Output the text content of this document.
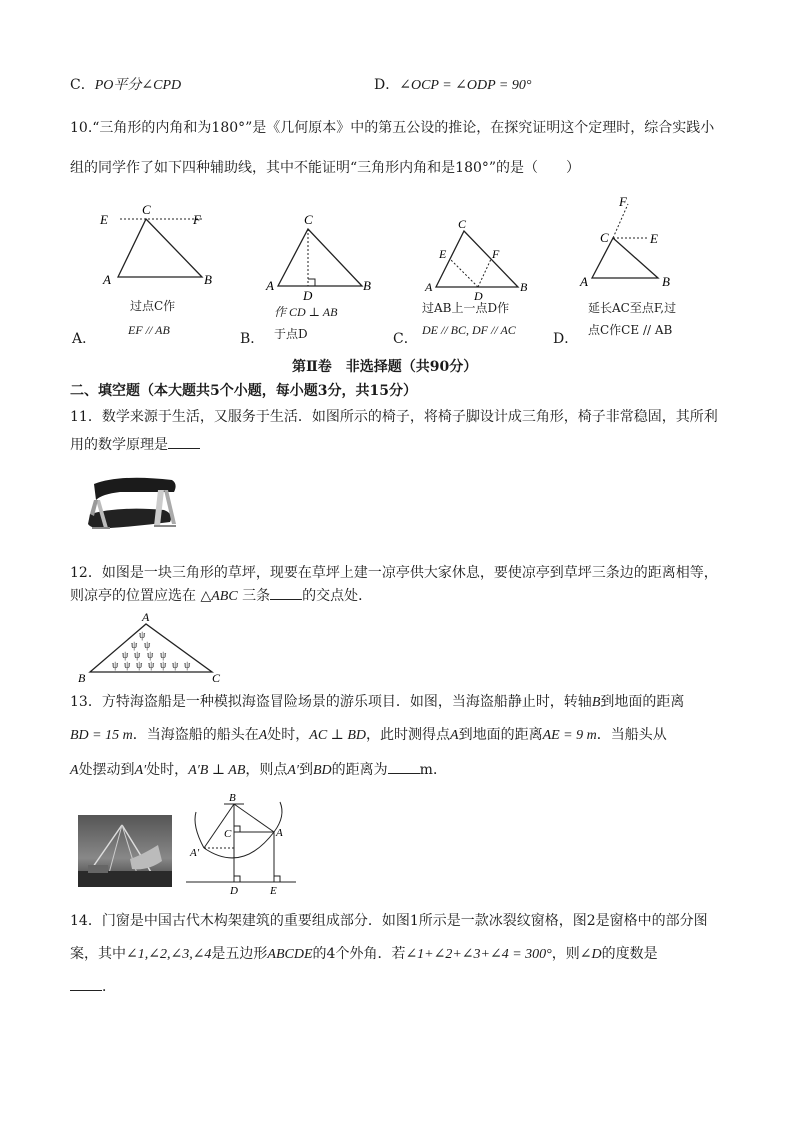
C．PO平分∠CPD	D．∠OCP = ∠ODP = 90°
10.“三角形的内角和为180°”是《几何原本》中的第五公设的推论，在探究证明这个定理时，综合实践小
组的同学作了如下四种辅助线，其中不能证明“三角形内角和是180°”的是（　　）
C
E	F
A	B
过点C作
EF // AB
A．
C
A	B
D
作 CD ⊥ AB
于点D
B．
C
E	F
A	B
D
过AB上一点D作
DE // BC, DF // AC
C．
F
C	E
A	B
延长AC至点F,过
点C作CE // AB
D．
第Ⅱ卷　非选择题（共90分）
二、填空题（本大题共5个小题，每小题3分，共15分）
11．数学来源于生活，又服务于生活．如图所示的椅子，将椅子脚设计成三角形，椅子非常稳固，其所利
用的数学原理是
12．如图是一块三角形的草坪，现要在草坪上建一凉亭供大家休息，要使凉亭到草坪三条边的距离相等，
则凉亭的位置应选在 △ABC 三条 的交点处．
ψ
ψ ψ
ψ ψ ψ ψ
ψ ψ ψ ψ ψ ψ ψ
A
B	C
13．方特海盗船是一种模拟海盗冒险场景的游乐项目．如图，当海盗船静止时，转轴B到地面的距离
BD = 15 m．当海盗船的船头在A处时，AC ⊥ BD，此时测得点A到地面的距离AE = 9 m．当船头从
A处摆动到A′处时，A′B ⊥ AB，则点A′到BD的距离为 m．
B
C	A
A′
D	E
14．门窗是中国古代木构架建筑的重要组成部分．如图1所示是一款冰裂纹窗格，图2是窗格中的部分图
案，其中∠1,∠2,∠3,∠4是五边形ABCDE的4个外角．若∠1+∠2+∠3+∠4 = 300°，则∠D的度数是
．
